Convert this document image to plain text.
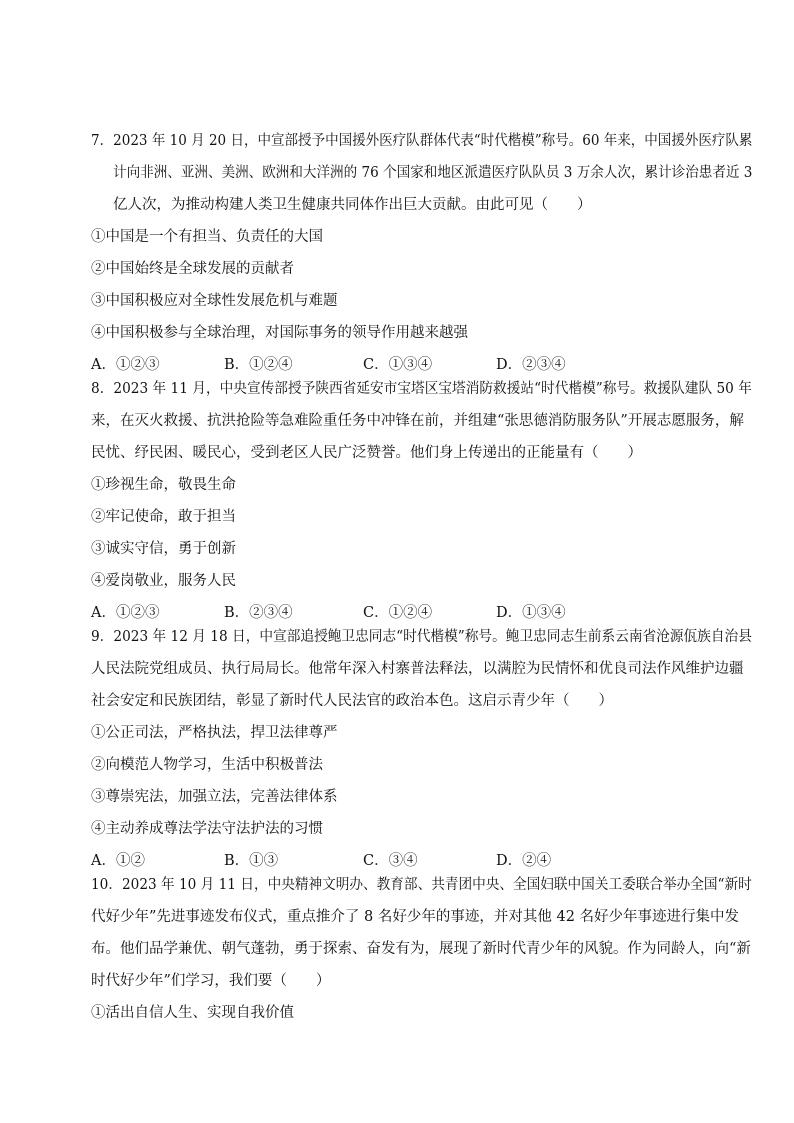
7．2023 年 10 月 20 日，中宣部授予中国援外医疗队群体代表“时代楷模”称号。60 年来，中国援外医疗队累
计向非洲、亚洲、美洲、欧洲和大洋洲的 76 个国家和地区派遣医疗队队员 3 万余人次，累计诊治患者近 3
亿人次，为推动构建人类卫生健康共同体作出巨大贡献。由此可见（　　）
①中国是一个有担当、负责任的大国
②中国始终是全球发展的贡献者
③中国积极应对全球性发展危机与难题
④中国积极参与全球治理，对国际事务的领导作用越来越强
A．①②③	B．①②④	C．①③④	D．②③④
8．2023 年 11 月，中央宣传部授予陕西省延安市宝塔区宝塔消防救援站“时代楷模”称号。救援队建队 50 年
来，在灭火救援、抗洪抢险等急难险重任务中冲锋在前，并组建“张思德消防服务队”开展志愿服务，解
民忧、纾民困、暖民心，受到老区人民广泛赞誉。他们身上传递出的正能量有（　　）
①珍视生命，敬畏生命
②牢记使命，敢于担当
③诚实守信，勇于创新
④爱岗敬业，服务人民
A．①②③	B．②③④	C．①②④	D．①③④
9．2023 年 12 月 18 日，中宣部追授鲍卫忠同志“时代楷模”称号。鲍卫忠同志生前系云南省沧源佤族自治县
人民法院党组成员、执行局局长。他常年深入村寨普法释法，以满腔为民情怀和优良司法作风维护边疆
社会安定和民族团结，彰显了新时代人民法官的政治本色。这启示青少年（　　）
①公正司法，严格执法，捍卫法律尊严
②向模范人物学习，生活中积极普法
③尊崇宪法，加强立法，完善法律体系
④主动养成尊法学法守法护法的习惯
A．①②	B．①③	C．③④	D．②④
10．2023 年 10 月 11 日，中央精神文明办、教育部、共青团中央、全国妇联中国关工委联合举办全国“新时
代好少年”先进事迹发布仪式，重点推介了 8 名好少年的事迹，并对其他 42 名好少年事迹进行集中发
布。他们品学兼优、朝气蓬勃，勇于探索、奋发有为，展现了新时代青少年的风貌。作为同龄人，向“新
时代好少年”们学习，我们要（　　）
①活出自信人生、实现自我价值
